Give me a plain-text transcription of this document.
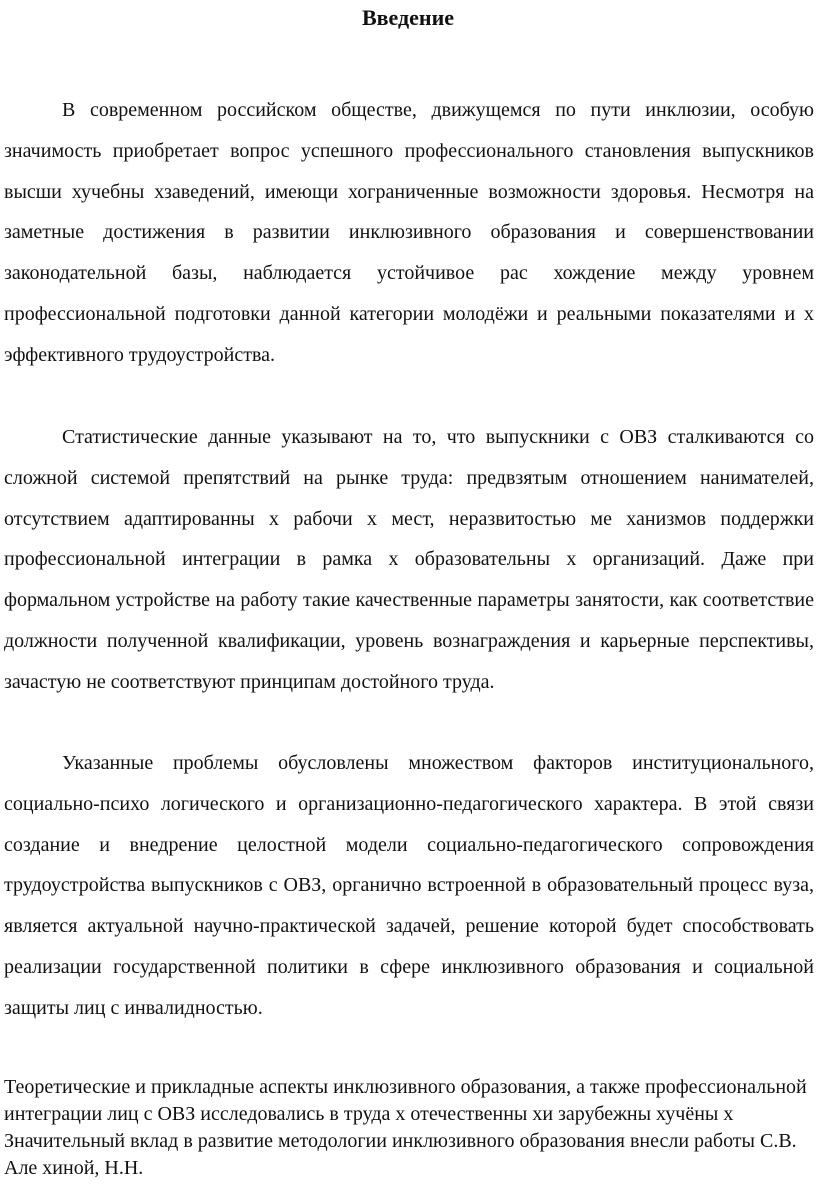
Введение

В современном российском обществе, движущемся по пути инклюзии, особую значимость приобретает вопрос успешного профессионального становления выпускников высши хучебны хзаведений, имеющи хограниченные возможности здоровья. Несмотря на заметные достижения в развитии инклюзивного образования и совершенствовании законодательной базы, наблюдается устойчивое рас хождение между уровнем профессиональной подготовки данной категории молодёжи и реальными показателями и х эффективного трудоустройства.

Статистические данные указывают на то, что выпускники с ОВЗ сталкиваются со сложной системой препятствий на рынке труда: предвзятым отношением нанимателей, отсутствием адаптированны х рабочи х мест, неразвитостью ме ханизмов поддержки профессиональной интеграции в рамка х образовательны х организаций. Даже при формальном устройстве на работу такие качественные параметры занятости, как соответствие должности полученной квалификации, уровень вознаграждения и карьерные перспективы, зачастую не соответствуют принципам достойного труда.

Указанные проблемы обусловлены множеством факторов институционального, социально-психо логического и организационно-педагогического характера. В этой связи создание и внедрение целостной модели социально-педагогического сопровождения трудоустройства выпускников с ОВЗ, органично встроенной в образовательный процесс вуза, является актуальной научно-практической задачей, решение которой будет способствовать реализации государственной политики в сфере инклюзивного образования и социальной защиты лиц с инвалидностью.

Теоретические и прикладные аспекты инклюзивного образования, а также профессиональной интеграции лиц с ОВЗ исследовались в труда х отечественны хи зарубежны хучёны х Значительный вклад в развитие методологии инклюзивного образования внесли работы С.В. Але хиной, Н.Н.
